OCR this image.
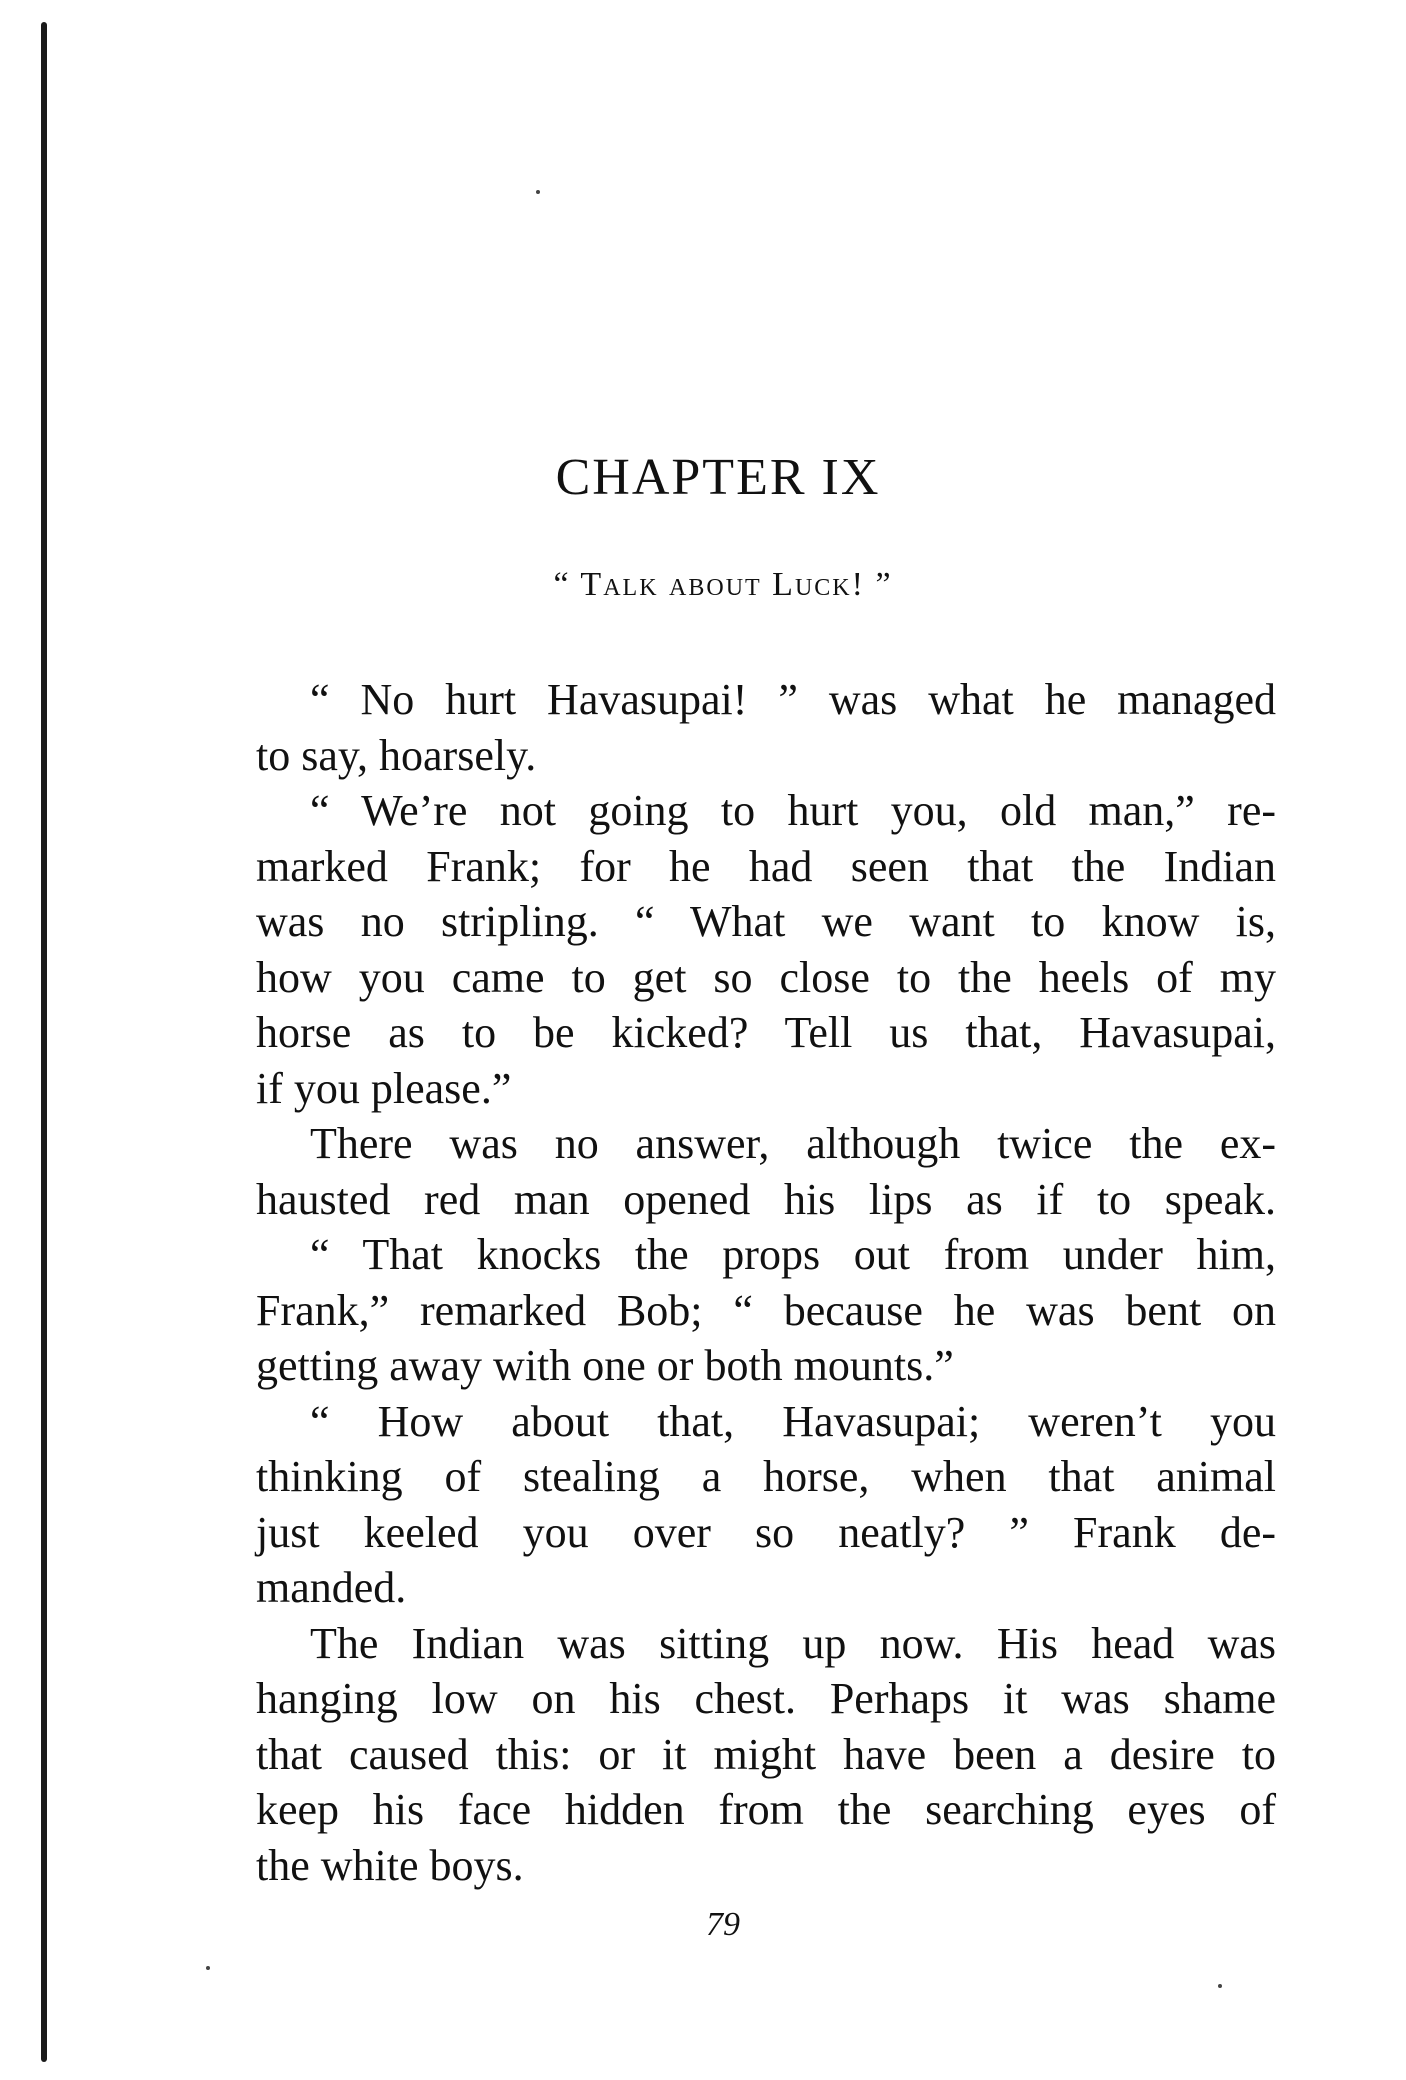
CHAPTER IX
“ Talk about Luck! ”
“ No hurt Havasupai! ” was what he managed
to say, hoarsely.
“ We’re not going to hurt you, old man,” re-
marked Frank; for he had seen that the Indian
was no stripling. “ What we want to know is,
how you came to get so close to the heels of my
horse as to be kicked? Tell us that, Havasupai,
if you please.”
There was no answer, although twice the ex-
hausted red man opened his lips as if to speak.
“ That knocks the props out from under him,
Frank,” remarked Bob; “ because he was bent on
getting away with one or both mounts.”
“ How about that, Havasupai; weren’t you
thinking of stealing a horse, when that animal
just keeled you over so neatly? ” Frank de-
manded.
The Indian was sitting up now. His head was
hanging low on his chest. Perhaps it was shame
that caused this: or it might have been a desire to
keep his face hidden from the searching eyes of
the white boys.
79
